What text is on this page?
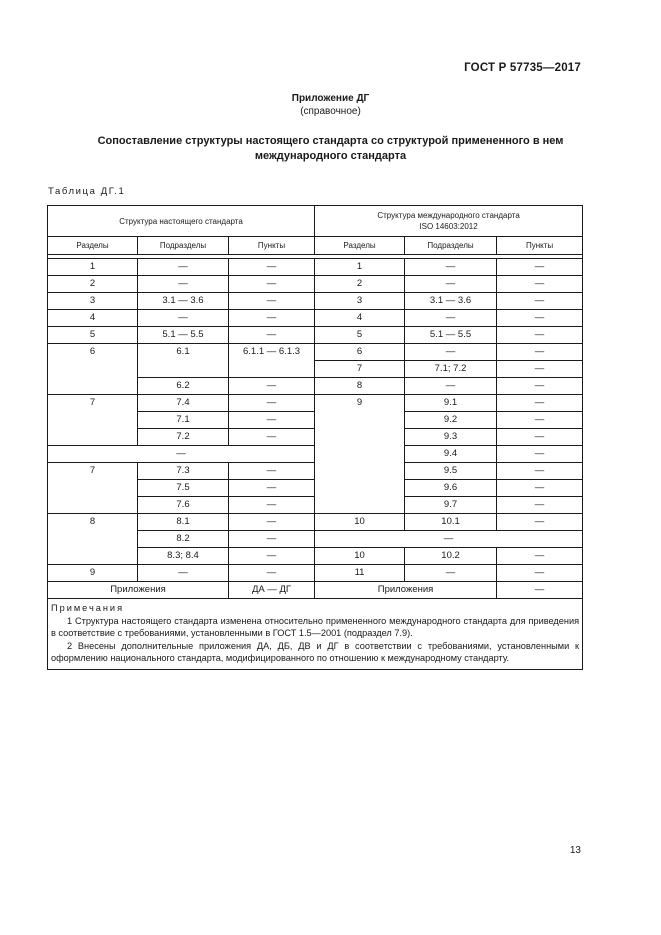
ГОСТ Р 57735—2017
Приложение ДГ
(справочное)
Сопоставление структуры настоящего стандарта со структурой примененного в нем
международного стандарта
Таблица ДГ.1
Структура настоящего стандарта			Структура международного стандарта
ISO 14603:2012		

Разделы	Подразделы	Пункты	Разделы	Подразделы	Пункты

1	—	—	1	—	—
2	—	—	2	—	—
3	3.1 — 3.6	—	3	3.1 — 3.6	—
4	—	—	4	—	—
5	5.1 — 5.5	—	5	5.1 — 5.5	—
6	6.1	6.1.1 — 6.1.3	6	—	—
			7	7.1; 7.2	—
	6.2	—	8	—	—
7	7.4	—	9	9.1	—
	7.1	—		9.2	—
	7.2	—		9.3	—
—				9.4	—
7	7.3	—		9.5	—
	7.5	—		9.6	—
	7.6	—		9.7	—
8	8.1	—	10	10.1	—
	8.2	—	—		
	8.3; 8.4	—	10	10.2	—
9	—	—	11	—	—
Приложения		ДА — ДГ	Приложения		—

Примечания
1 Структура настоящего стандарта изменена относительно примененного международного стандарта для приведения в соответствие с требованиями, установленными в ГОСТ 1.5—2001 (подраздел 7.9).
2 Внесены дополнительные приложения ДА, ДБ, ДВ и ДГ в соответствии с требованиями, установленными к оформлению национального стандарта, модифицированного по отношению к международному стандарту.					
13
